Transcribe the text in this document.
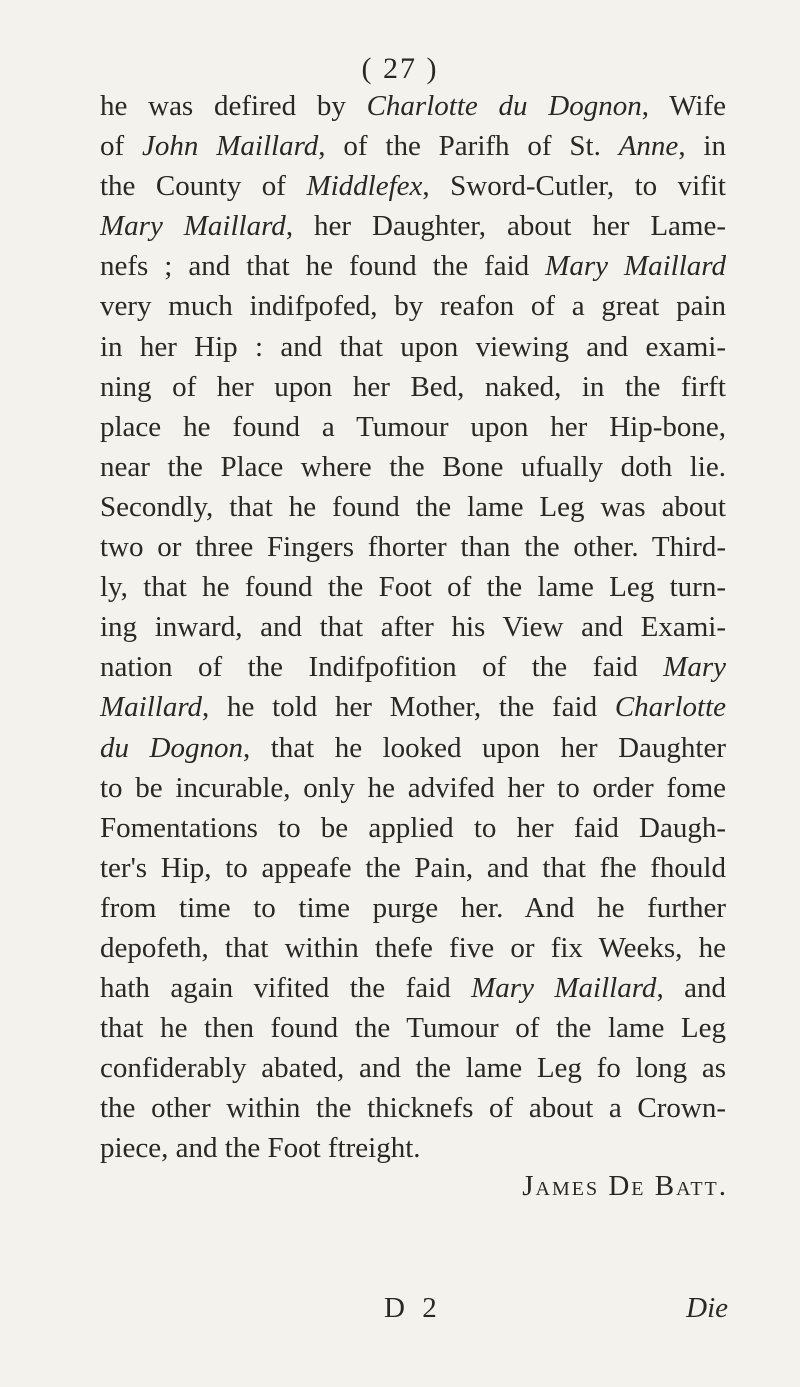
( 27 )
he was defired by Charlotte du Dognon, Wife
of John Maillard, of the Parifh of St. Anne, in
the County of Middlefex, Sword-Cutler, to vifit
Mary Maillard, her Daughter, about her Lame-
nefs ; and that he found the faid Mary Maillard
very much indifpofed, by reafon of a great pain
in her Hip : and that upon viewing and exami-
ning of her upon her Bed, naked, in the firft
place he found a Tumour upon her Hip-bone,
near the Place where the Bone ufually doth lie.
Secondly, that he found the lame Leg was about
two or three Fingers fhorter than the other. Third-
ly, that he found the Foot of the lame Leg turn-
ing inward, and that after his View and Exami-
nation of the Indifpofition of the faid Mary
Maillard, he told her Mother, the faid Charlotte
du Dognon, that he looked upon her Daughter
to be incurable, only he advifed her to order fome
Fomentations to be applied to her faid Daugh-
ter's Hip, to appeafe the Pain, and that fhe fhould
from time to time purge her. And he further
depofeth, that within thefe five or fix Weeks, he
hath again vifited the faid Mary Maillard, and
that he then found the Tumour of the lame Leg
confiderably abated, and the lame Leg fo long as
the other within the thicknefs of about a Crown-
piece, and the Foot ftreight.
James De Batt.
D 2	Die
